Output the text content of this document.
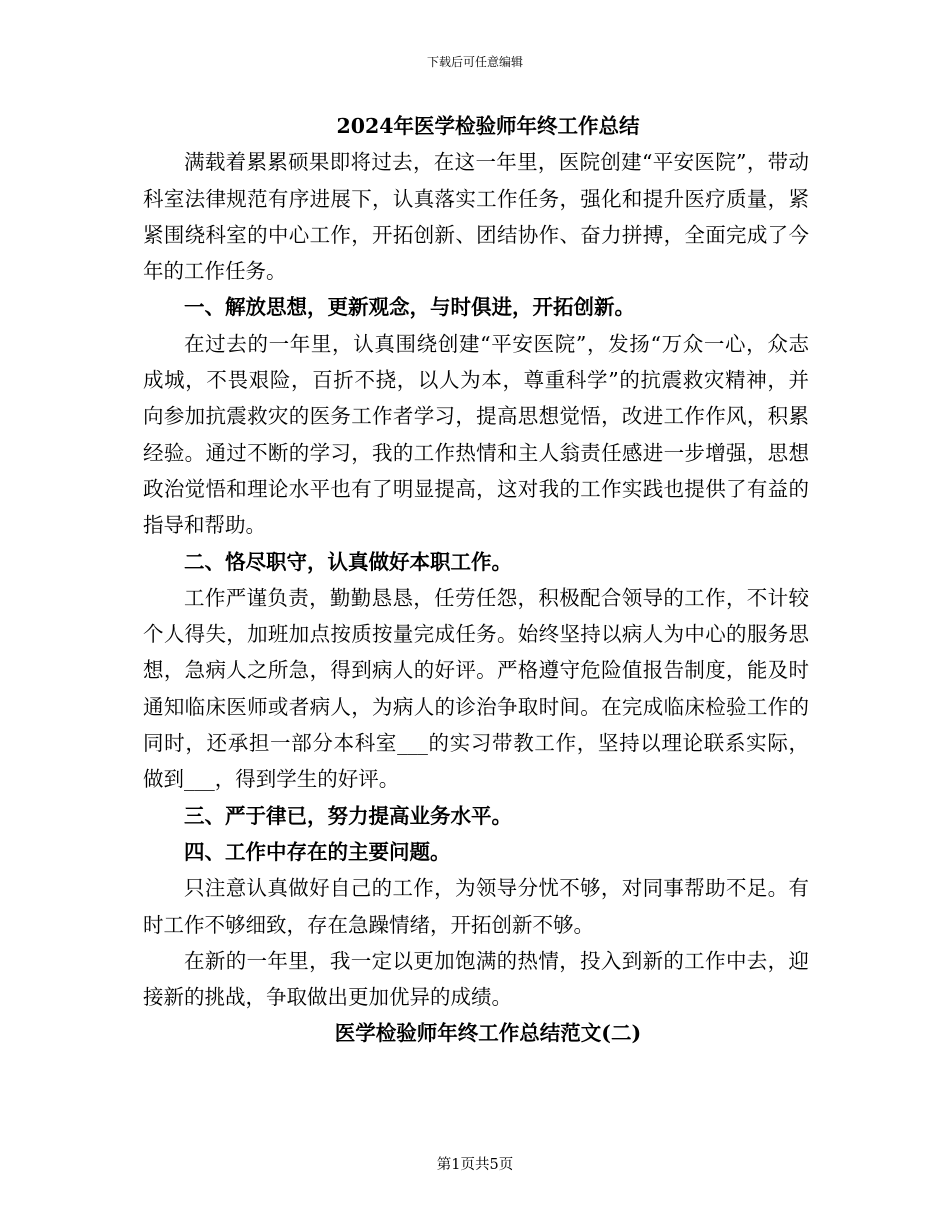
下载后可任意编辑

2024年医学检验师年终工作总结

满载着累累硕果即将过去，在这一年里，医院创建“平安医院”，带动科室法律规范有序进展下，认真落实工作任务，强化和提升医疗质量，紧紧围绕科室的中心工作，开拓创新、团结协作、奋力拼搏，全面完成了今年的工作任务。

一、解放思想，更新观念，与时俱进，开拓创新。

在过去的一年里，认真围绕创建“平安医院”，发扬“万众一心，众志成城，不畏艰险，百折不挠，以人为本，尊重科学”的抗震救灾精神，并向参加抗震救灾的医务工作者学习，提高思想觉悟，改进工作作风，积累经验。通过不断的学习，我的工作热情和主人翁责任感进一步增强，思想政治觉悟和理论水平也有了明显提高，这对我的工作实践也提供了有益的指导和帮助。

二、恪尽职守，认真做好本职工作。

工作严谨负责，勤勤恳恳，任劳任怨，积极配合领导的工作，不计较个人得失，加班加点按质按量完成任务。始终坚持以病人为中心的服务思想，急病人之所急，得到病人的好评。严格遵守危险值报告制度，能及时通知临床医师或者病人，为病人的诊治争取时间。在完成临床检验工作的同时，还承担一部分本科室___的实习带教工作，坚持以理论联系实际，做到___，得到学生的好评。

三、严于律已，努力提高业务水平。

四、工作中存在的主要问题。

只注意认真做好自己的工作，为领导分忧不够，对同事帮助不足。有时工作不够细致，存在急躁情绪，开拓创新不够。

在新的一年里，我一定以更加饱满的热情，投入到新的工作中去，迎接新的挑战，争取做出更加优异的成绩。

医学检验师年终工作总结范文(二)

第1页共5页
